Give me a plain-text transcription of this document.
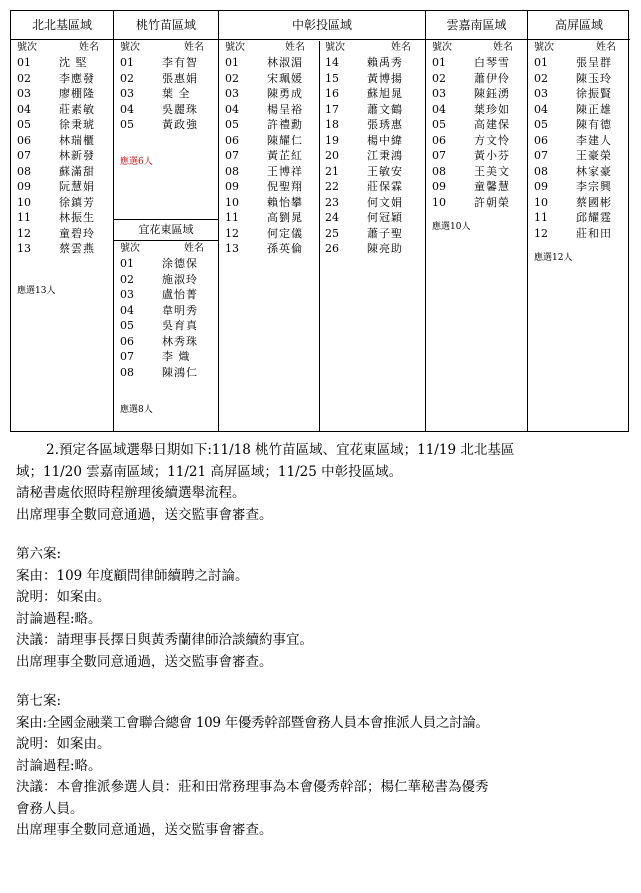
北北基區域
號次	姓名
01	沈 堅
02	李應發
03	廖棚隆
04	莊素敏
05	徐秉琥
06	林瑞櫃
07	林新發
08	蘇滿甜
09	阮慧娟
10	徐鎮芳
11	林振生
12	童碧玲
13	蔡雲燕
應選13人
桃竹苗區域
號次	姓名
01	李有智
02	張惠娟
03	葉 全
04	吳麗珠
05	黃政強
應選6人
宜花東區域
號次	姓名
01	涂德保
02	施淑玲
03	盧怡菁
04	韋明秀
05	吳育真
06	林秀珠
07	李 熾
08	陳鴻仁
應選8人
中彰投區域
號次	姓名
01	林淑湄
02	宋珮媛
03	陳勇成
04	楊呈裕
05	許禮勳
06	陳耀仁
07	黃芷紅
08	王博祥
09	倪聖翔
10	賴怡攀
11	高劉晁
12	何定儀
13	孫英倫
號次	姓名
14	賴禹秀
15	黃博揚
16	蘇旭晁
17	蕭文鶴
18	張琇惠
19	楊中緯
20	江秉鴻
21	王敏安
22	莊保霖
23	何文娟
24	何冠穎
25	蕭子聖
26	陳亮助
雲嘉南區域
號次	姓名
01	白琴雪
02	蕭伊伶
03	陳鈺湧
04	葉珍如
05	高建保
06	方文怜
07	黃小芬
08	王美文
09	童馨慧
10	許朝榮
應選10人
高屏區域
號次	姓名
01	張呈群
02	陳玉玲
03	徐振賢
04	陳正雄
05	陳有德
06	李建人
07	王豪榮
08	林家豪
09	李宗興
10	蔡國彬
11	邱耀霆
12	莊和田
應選12人
2.預定各區域選舉日期如下:11/18 桃竹苗區域、宜花東區域；11/19 北北基區
域；11/20 雲嘉南區域；11/21 高屏區域；11/25 中彰投區域。
請秘書處依照時程辦理後續選舉流程。
出席理事全數同意通過，送交監事會審查。
第六案:
案由：109 年度顧問律師續聘之討論。
說明：如案由。
討論過程:略。
決議：請理事長擇日與黃秀蘭律師洽談續約事宜。
出席理事全數同意通過，送交監事會審查。
第七案:
案由:全國金融業工會聯合總會 109 年優秀幹部暨會務人員本會推派人員之討論。
說明：如案由。
討論過程:略。
決議：本會推派參選人員：莊和田常務理事為本會優秀幹部；楊仁華秘書為優秀
會務人員。
出席理事全數同意通過，送交監事會審查。
